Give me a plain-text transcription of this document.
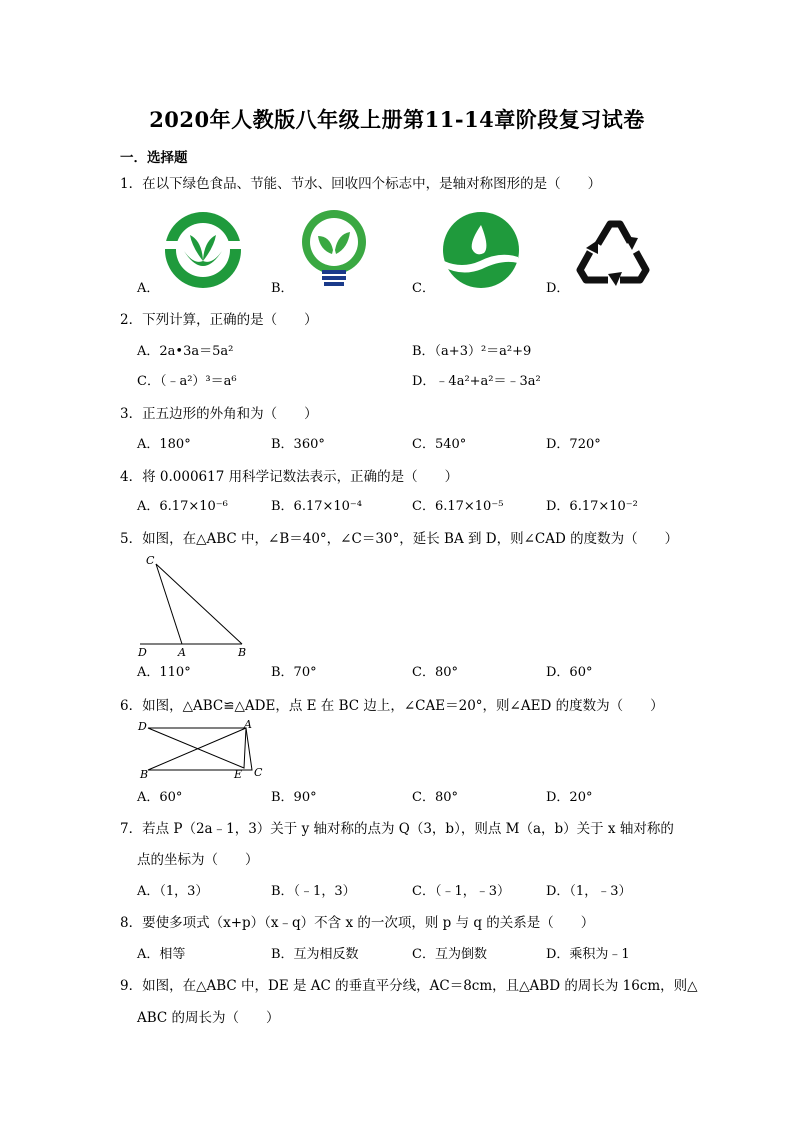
2020年人教版八年级上册第11-14章阶段复习试卷
一．选择题
1．在以下绿色食品、节能、节水、回收四个标志中，是轴对称图形的是（　　）
A．	B．	C．	D．
2．下列计算，正确的是（　　）
A．2a•3a＝5a²	B．（a+3）²＝a²+9
C．（﹣a²）³＝a⁶	D．﹣4a²+a²＝﹣3a²
3．正五边形的外角和为（　　）
A．180°	B．360°	C．540°	D．720°
4．将 0.000617 用科学记数法表示，正确的是（　　）
A．6.17×10⁻⁶	B．6.17×10⁻⁴	C．6.17×10⁻⁵	D．6.17×10⁻²
5．如图，在△ABC 中，∠B＝40°，∠C＝30°，延长 BA 到 D，则∠CAD 的度数为（　　）
C
D	A	B
A．110°	B．70°	C．80°	D．60°
6．如图，△ABC≌△ADE，点 E 在 BC 边上，∠CAE＝20°，则∠AED 的度数为（　　）
D	A
B	E C
A．60°	B．90°	C．80°	D．20°
7．若点 P（2a﹣1，3）关于 y 轴对称的点为 Q（3，b），则点 M（a，b）关于 x 轴对称的
点的坐标为（　　）
A．（1，3）	B．（﹣1，3）	C．（﹣1，﹣3）	D．（1，﹣3）
8．要使多项式（x+p）（x﹣q）不含 x 的一次项，则 p 与 q 的关系是（　　）
A．相等	B．互为相反数	C．互为倒数	D．乘积为﹣1
9．如图，在△ABC 中，DE 是 AC 的垂直平分线，AC＝8cm，且△ABD 的周长为 16cm，则△
ABC 的周长为（　　）
